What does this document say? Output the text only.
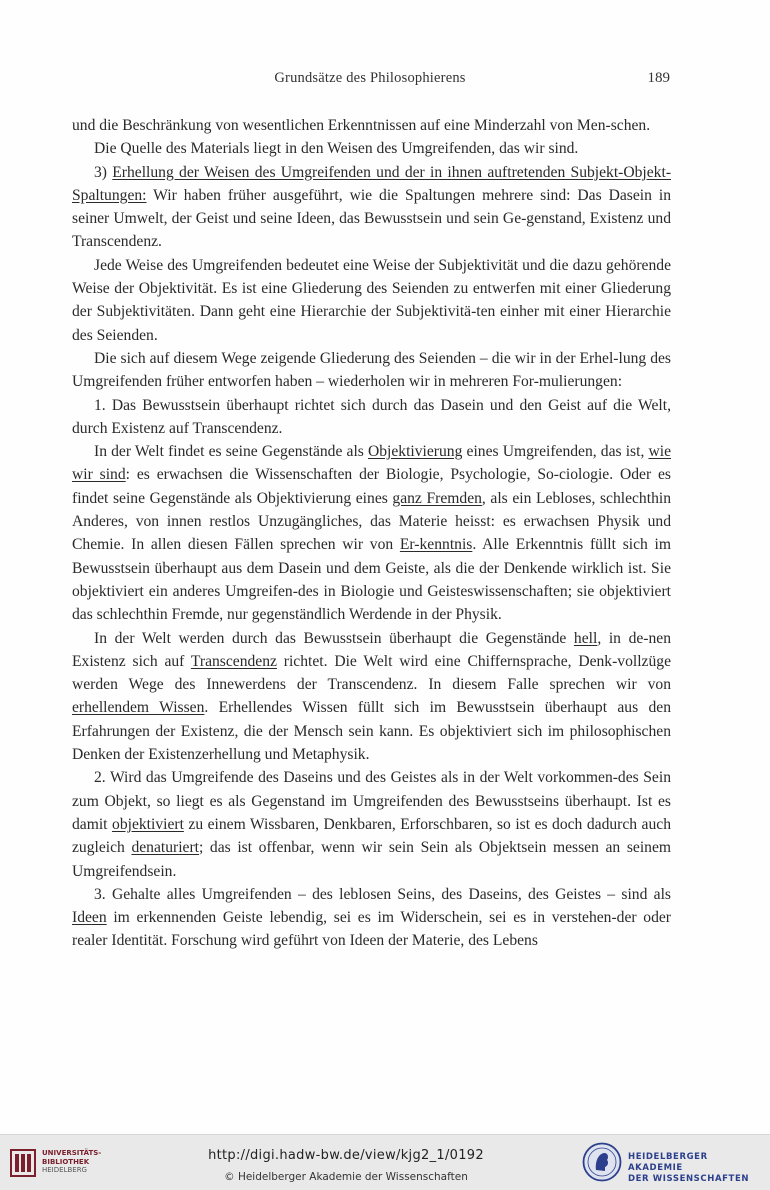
Grundsätze des Philosophierens	189

und die Beschränkung von wesentlichen Erkenntnissen auf eine Minderzahl von Men-schen.

Die Quelle des Materials liegt in den Weisen des Umgreifenden, das wir sind.

3) Erhellung der Weisen des Umgreifenden und der in ihnen auftretenden Subjekt-Objekt-Spaltungen: Wir haben früher ausgeführt, wie die Spaltungen mehrere sind: Das Dasein in seiner Umwelt, der Geist und seine Ideen, das Bewusstsein und sein Ge-genstand, Existenz und Transcendenz.

Jede Weise des Umgreifenden bedeutet eine Weise der Subjektivität und die dazu gehörende Weise der Objektivität. Es ist eine Gliederung des Seienden zu entwerfen mit einer Gliederung der Subjektivitäten. Dann geht eine Hierarchie der Subjektivitä-ten einher mit einer Hierarchie des Seienden.

Die sich auf diesem Wege zeigende Gliederung des Seienden – die wir in der Erhel-lung des Umgreifenden früher entworfen haben – wiederholen wir in mehreren For-mulierungen:

1. Das Bewusstsein überhaupt richtet sich durch das Dasein und den Geist auf die Welt, durch Existenz auf Transcendenz.

In der Welt findet es seine Gegenstände als Objektivierung eines Umgreifenden, das ist, wie wir sind: es erwachsen die Wissenschaften der Biologie, Psychologie, So-ciologie. Oder es findet seine Gegenstände als Objektivierung eines ganz Fremden, als ein Lebloses, schlechthin Anderes, von innen restlos Unzugängliches, das Materie heisst: es erwachsen Physik und Chemie. In allen diesen Fällen sprechen wir von Er-kenntnis. Alle Erkenntnis füllt sich im Bewusstsein überhaupt aus dem Dasein und dem Geiste, als die der Denkende wirklich ist. Sie objektiviert ein anderes Umgreifen-des in Biologie und Geisteswissenschaften; sie objektiviert das schlechthin Fremde, nur gegenständlich Werdende in der Physik.

In der Welt werden durch das Bewusstsein überhaupt die Gegenstände hell, in de-nen Existenz sich auf Transcendenz richtet. Die Welt wird eine Chiffernsprache, Denk-vollzüge werden Wege des Innewerdens der Transcendenz. In diesem Falle sprechen wir von erhellendem Wissen. Erhellendes Wissen füllt sich im Bewusstsein überhaupt aus den Erfahrungen der Existenz, die der Mensch sein kann. Es objektiviert sich im philosophischen Denken der Existenzerhellung und Metaphysik.

2. Wird das Umgreifende des Daseins und des Geistes als in der Welt vorkommen-des Sein zum Objekt, so liegt es als Gegenstand im Umgreifenden des Bewusstseins überhaupt. Ist es damit objektiviert zu einem Wissbaren, Denkbaren, Erforschbaren, so ist es doch dadurch auch zugleich denaturiert; das ist offenbar, wenn wir sein Sein als Objektsein messen an seinem Umgreifendsein.

3. Gehalte alles Umgreifenden – des leblosen Seins, des Daseins, des Geistes – sind als Ideen im erkennenden Geiste lebendig, sei es im Widerschein, sei es in verstehen-der oder realer Identität. Forschung wird geführt von Ideen der Materie, des Lebens

UNIVERSITÄTS-
BIBLIOTHEK
HEIDELBERG
http://digi.hadw-bw.de/view/kjg2_1/0192
© Heidelberger Akademie der Wissenschaften
HEIDELBERGER AKADEMIE
DER WISSENSCHAFTEN
